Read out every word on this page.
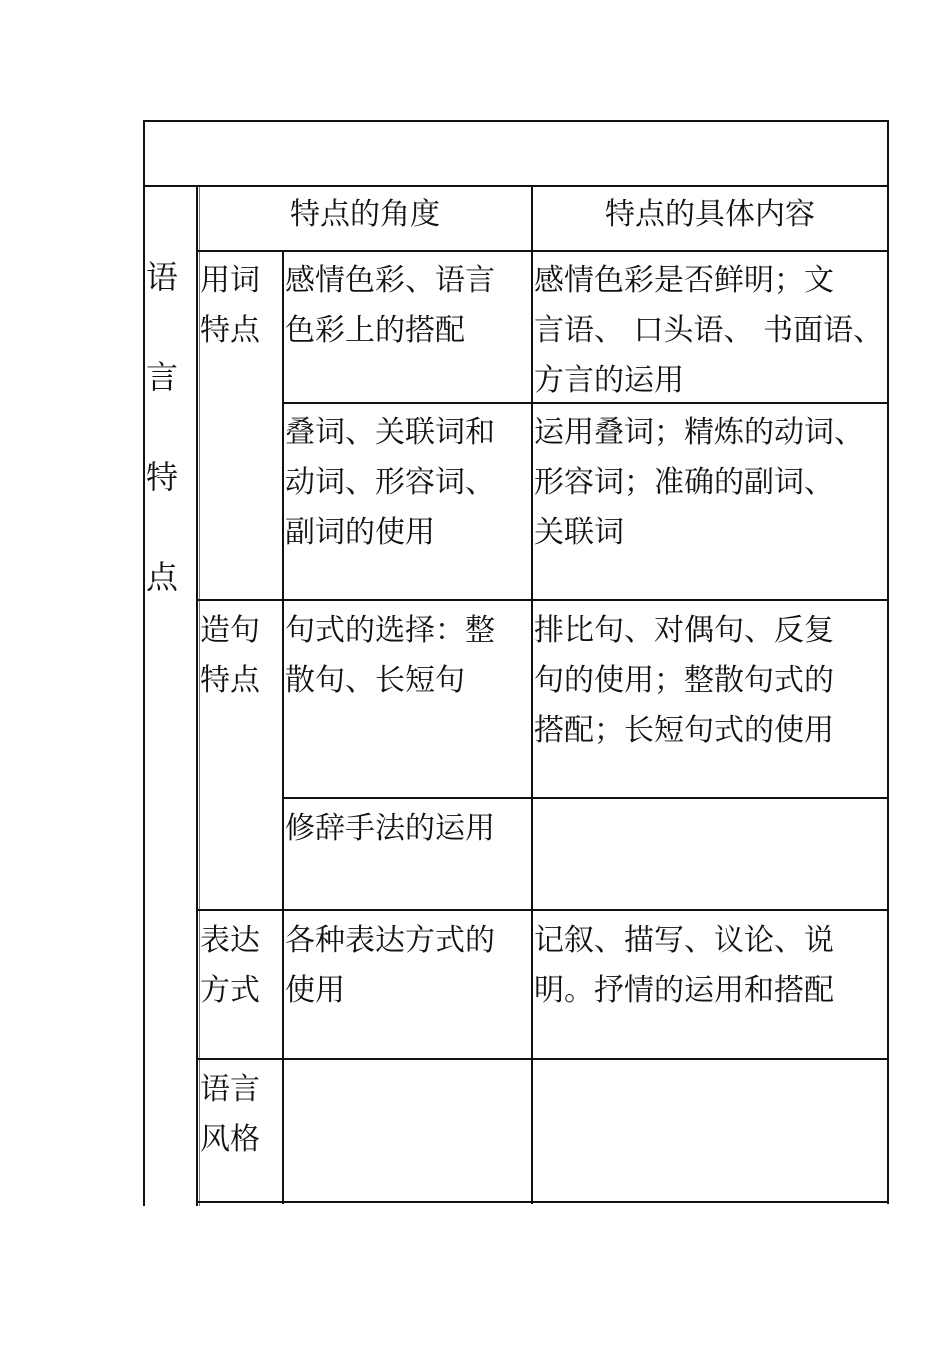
特点的角度	特点的具体内容
语
言
特
点
用词
特点
感情色彩、语言
色彩上的搭配
感情色彩是否鲜明；文
言语、 口头语、 书面语、
方言的运用
叠词、关联词和
动词、形容词、
副词的使用
运用叠词；精炼的动词、
形容词；准确的副词、
关联词
造句
特点
句式的选择：整
散句、长短句
排比句、对偶句、反复
句的使用；整散句式的
搭配；长短句式的使用
修辞手法的运用
表达
方式
各种表达方式的
使用
记叙、描写、议论、说
明。抒情的运用和搭配
语言
风格
